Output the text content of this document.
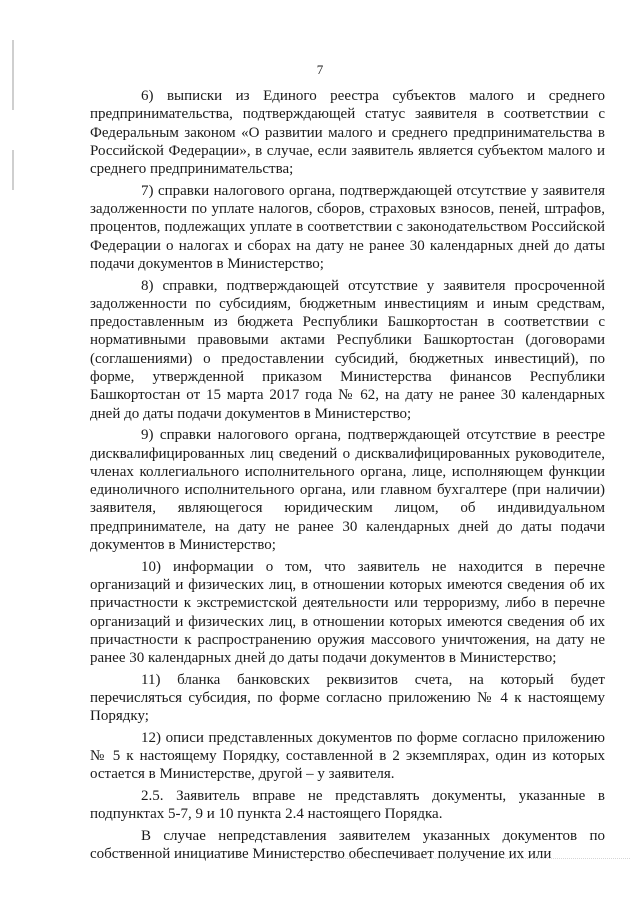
7

6) выписки из Единого реестра субъектов малого и среднего предпринимательства, подтверждающей статус заявителя в соответствии с Федеральным законом «О развитии малого и среднего предпринимательства в Российской Федерации», в случае, если заявитель является субъектом малого и среднего предпринимательства;

7) справки налогового органа, подтверждающей отсутствие у заявителя задолженности по уплате налогов, сборов, страховых взносов, пеней, штрафов, процентов, подлежащих уплате в соответствии с законодательством Российской Федерации о налогах и сборах на дату не ранее 30 календарных дней до даты подачи документов в Министерство;

8) справки, подтверждающей отсутствие у заявителя просроченной задолженности по субсидиям, бюджетным инвестициям и иным средствам, предоставленным из бюджета Республики Башкортостан в соответствии с нормативными правовыми актами Республики Башкортостан (договорами (соглашениями) о предоставлении субсидий, бюджетных инвестиций), по форме, утвержденной приказом Министерства финансов Республики Башкортостан от 15 марта 2017 года № 62, на дату не ранее 30 календарных дней до даты подачи документов в Министерство;

9) справки налогового органа, подтверждающей отсутствие в реестре дисквалифицированных лиц сведений о дисквалифицированных руководителе, членах коллегиального исполнительного органа, лице, исполняющем функции единоличного исполнительного органа, или главном бухгалтере (при наличии) заявителя, являющегося юридическим лицом, об индивидуальном предпринимателе, на дату не ранее 30 календарных дней до даты подачи документов в Министерство;

10) информации о том, что заявитель не находится в перечне организаций и физических лиц, в отношении которых имеются сведения об их причастности к экстремистской деятельности или терроризму, либо в перечне организаций и физических лиц, в отношении которых имеются сведения об их причастности к распространению оружия массового уничтожения, на дату не ранее 30 календарных дней до даты подачи документов в Министерство;

11) бланка банковских реквизитов счета, на который будет перечисляться субсидия, по форме согласно приложению № 4 к настоящему Порядку;

12) описи представленных документов по форме согласно приложению № 5 к настоящему Порядку, составленной в 2 экземплярах, один из которых остается в Министерстве, другой – у заявителя.

2.5. Заявитель вправе не представлять документы, указанные в подпунктах 5-7, 9 и 10 пункта 2.4 настоящего Порядка.

В случае непредставления заявителем указанных документов по собственной инициативе Министерство обеспечивает получение их или
